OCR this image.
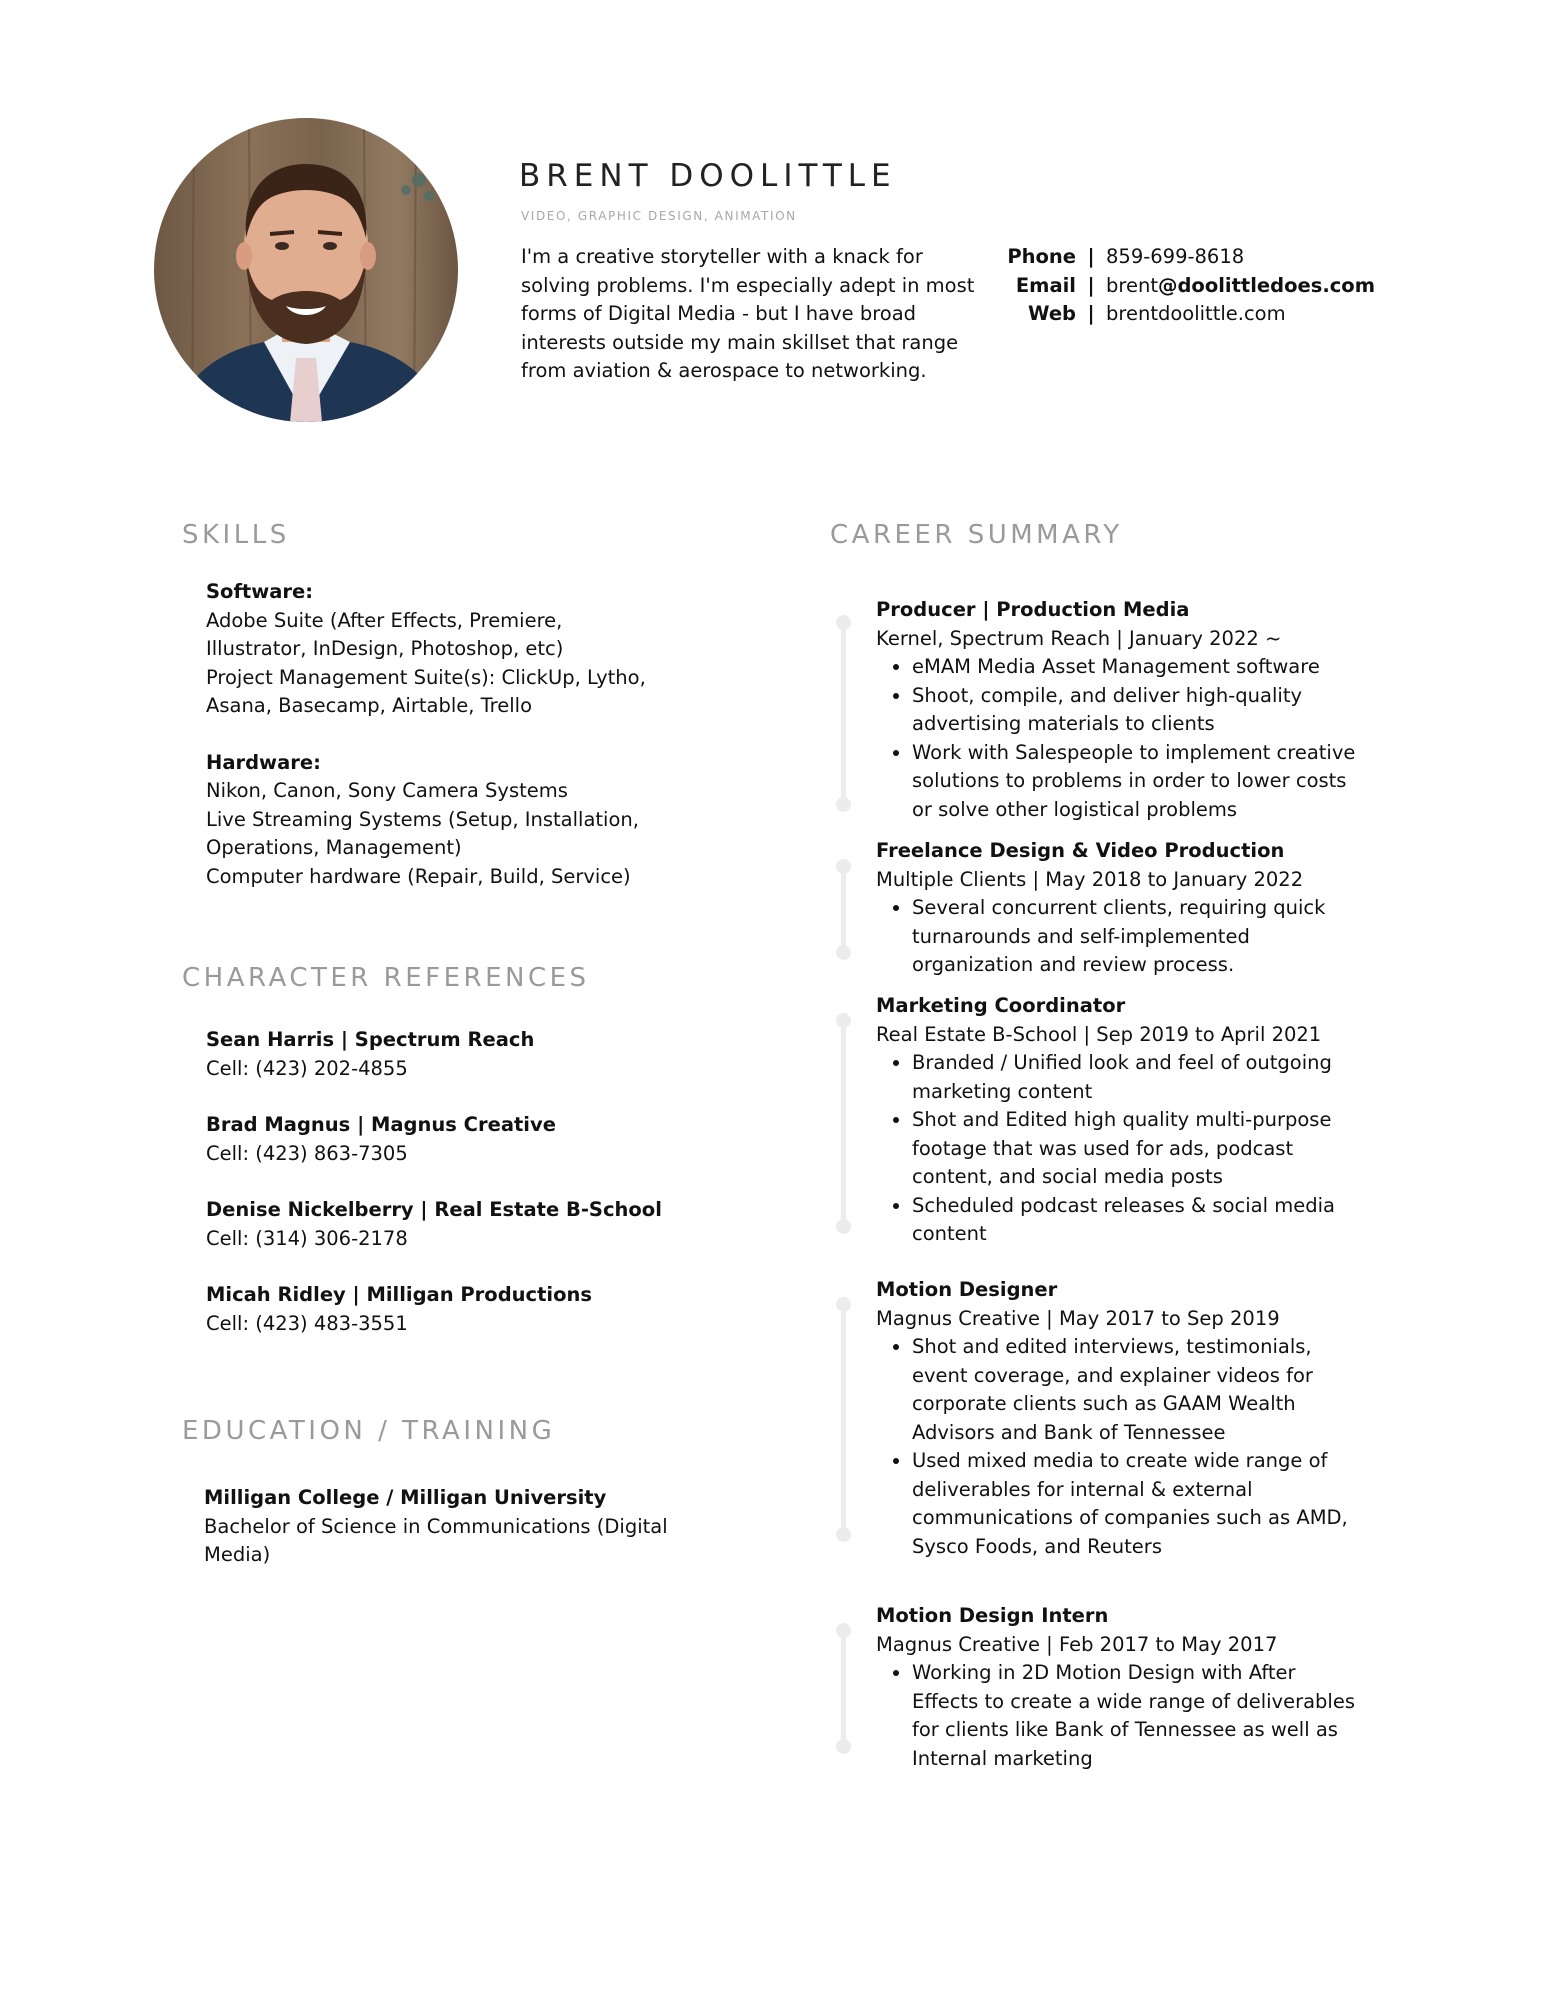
BRENT DOOLITTLE
VIDEO, GRAPHIC DESIGN, ANIMATION

I'm a creative storyteller with a knack for solving problems. I'm especially adept in most forms of Digital Media - but I have broad interests outside my main skillset that range from aviation & aerospace to networking.

Phone | 859-699-8618
Email | brent@doolittledoes.com
Web | brentdoolittle.com
SKILLS
Software:
Adobe Suite (After Effects, Premiere,
Illustrator, InDesign, Photoshop, etc)
Project Management Suite(s): ClickUp, Lytho,
Asana, Basecamp, Airtable, Trello
Hardware:
Nikon, Canon, Sony Camera Systems
Live Streaming Systems (Setup, Installation,
Operations, Management)
Computer hardware (Repair, Build, Service)
CHARACTER REFERENCES
Sean Harris | Spectrum Reach
Cell: (423) 202-4855
Brad Magnus | Magnus Creative
Cell: (423) 863-7305
Denise Nickelberry | Real Estate B-School
Cell: (314) 306-2178
Micah Ridley | Milligan Productions
Cell: (423) 483-3551
EDUCATION / TRAINING
Milligan College / Milligan University
Bachelor of Science in Communications (Digital
Media)
CAREER SUMMARY
Producer | Production Media
Kernel, Spectrum Reach | January 2022 ~
• eMAM Media Asset Management software
• Shoot, compile, and deliver high-quality
advertising materials to clients
• Work with Salespeople to implement creative
solutions to problems in order to lower costs
or solve other logistical problems
Freelance Design & Video Production
Multiple Clients | May 2018 to January 2022
• Several concurrent clients, requiring quick
turnarounds and self-implemented
organization and review process.
Marketing Coordinator
Real Estate B-School | Sep 2019 to April 2021
• Branded / Unified look and feel of outgoing
marketing content
• Shot and Edited high quality multi-purpose
footage that was used for ads, podcast
content, and social media posts
• Scheduled podcast releases & social media
content
Motion Designer
Magnus Creative | May 2017 to Sep 2019
• Shot and edited interviews, testimonials,
event coverage, and explainer videos for
corporate clients such as GAAM Wealth
Advisors and Bank of Tennessee
• Used mixed media to create wide range of
deliverables for internal & external
communications of companies such as AMD,
Sysco Foods, and Reuters
Motion Design Intern
Magnus Creative | Feb 2017 to May 2017
• Working in 2D Motion Design with After
Effects to create a wide range of deliverables
for clients like Bank of Tennessee as well as
Internal marketing
